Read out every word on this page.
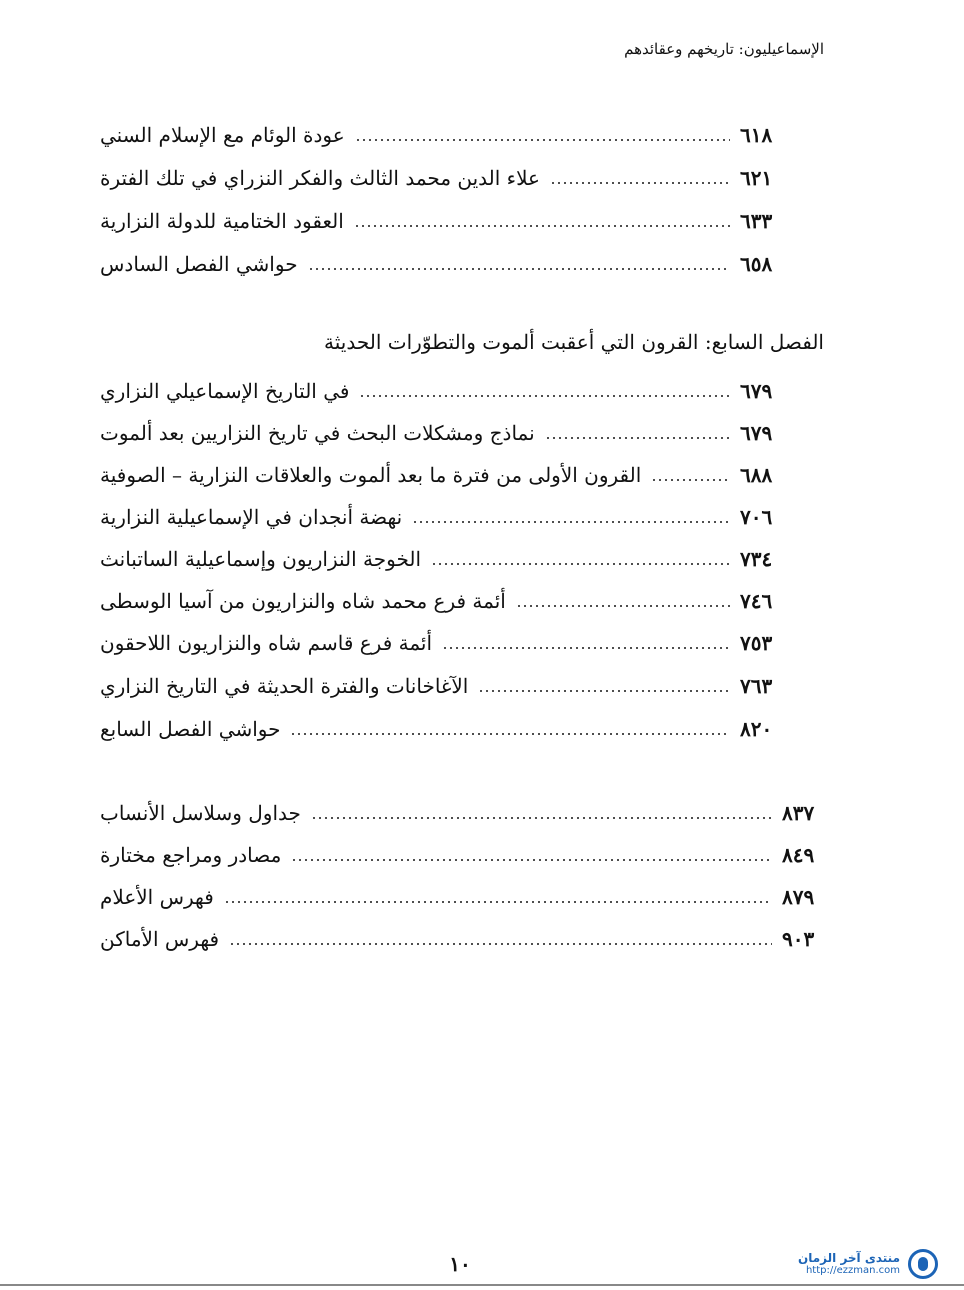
الإسماعيليون: تاريخهم وعقائدهم
عودة الوئام مع الإسلام السني	٦١٨
علاء الدين محمد الثالث والفكر النزراي في تلك الفترة	٦٢١
العقود الختامية للدولة النزارية	٦٣٣
حواشي الفصل السادس	٦٥٨
الفصل السابع: القرون التي أعقبت ألموت والتطوّرات الحديثة
في التاريخ الإسماعيلي النزاري	٦٧٩
نماذج ومشكلات البحث في تاريخ النزاريين بعد ألموت	٦٧٩
القرون الأولى من فترة ما بعد ألموت والعلاقات النزارية – الصوفية	٦٨٨
نهضة أنجدان في الإسماعيلية النزارية	٧٠٦
الخوجة النزاريون وإسماعيلية الساتبانث	٧٣٤
أئمة فرع محمد شاه والنزاريون من آسيا الوسطى	٧٤٦
أئمة فرع قاسم شاه والنزاريون اللاحقون	٧٥٣
الآغاخانات والفترة الحديثة في التاريخ النزاري	٧٦٣
حواشي الفصل السابع	٨٢٠
جداول وسلاسل الأنساب	٨٣٧
مصادر ومراجع مختارة	٨٤٩
فهرس الأعلام	٨٧٩
فهرس الأماكن	٩٠٣
١٠	منتدى آخر الزمان
http://ezzman.com
